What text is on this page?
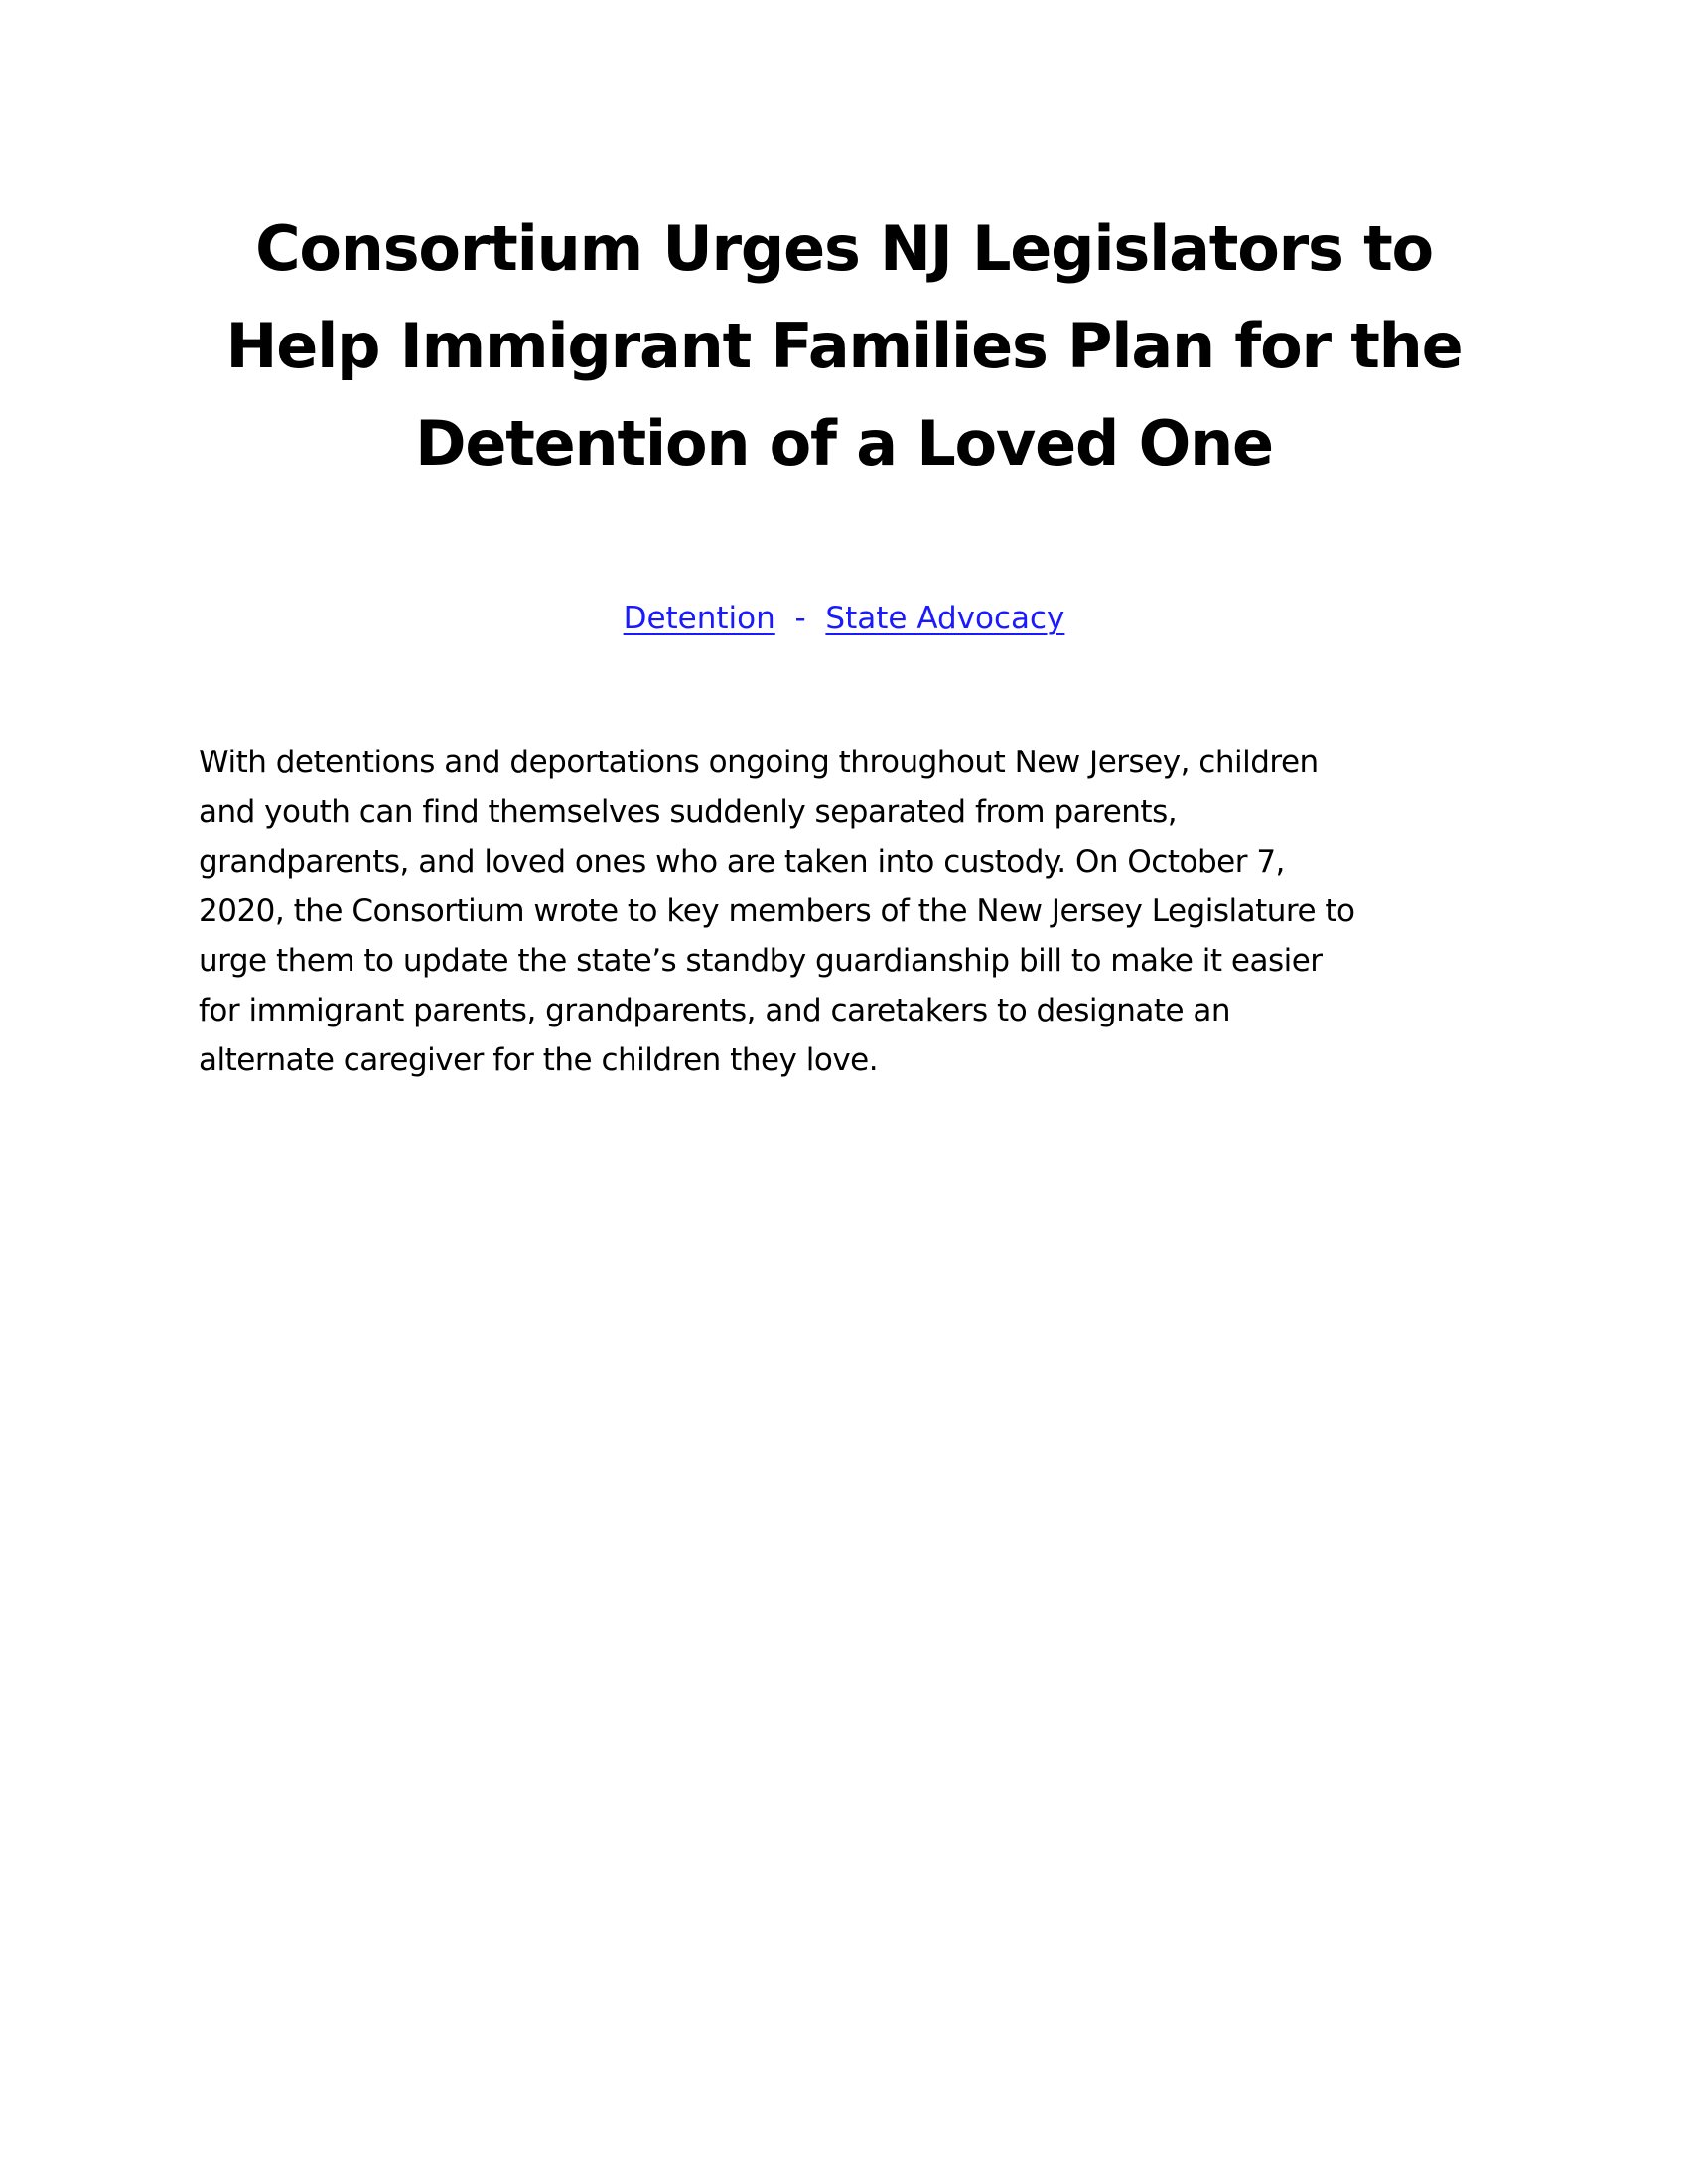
Consortium Urges NJ Legislators to
Help Immigrant Families Plan for the
Detention of a Loved One
Detention  -  State Advocacy

With detentions and deportations ongoing throughout New Jersey, children
and youth can find themselves suddenly separated from parents,
grandparents, and loved ones who are taken into custody. On October 7,
2020, the Consortium wrote to key members of the New Jersey Legislature to
urge them to update the state’s standby guardianship bill to make it easier
for immigrant parents, grandparents, and caretakers to designate an
alternate caregiver for the children they love.
